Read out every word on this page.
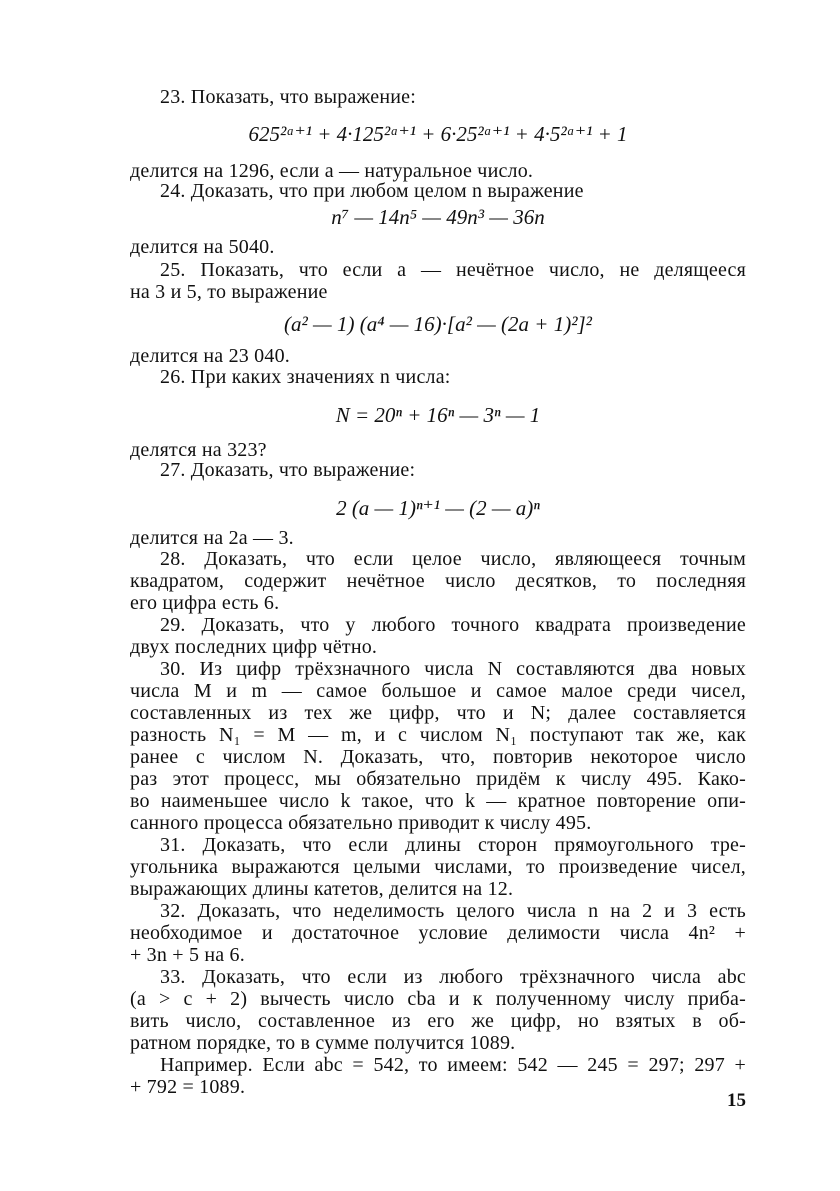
23. Показать, что выражение:
625²ᵃ⁺¹ + 4·125²ᵃ⁺¹ + 6·25²ᵃ⁺¹ + 4·5²ᵃ⁺¹ + 1
делится на 1296, если a — натуральное число.
24. Доказать, что при любом целом n выражение
n⁷ — 14n⁵ — 49n³ — 36n
делится на 5040.
25. Показать, что если a — нечётное число, не делящееся
на 3 и 5, то выражение
(a² — 1) (a⁴ — 16)·[a² — (2a + 1)²]²
делится на 23 040.
26. При каких значениях n числа:
N = 20ⁿ + 16ⁿ — 3ⁿ — 1
делятся на 323?
27. Доказать, что выражение:
2 (a — 1)ⁿ⁺¹ — (2 — a)ⁿ
делится на 2a — 3.
28. Доказать, что если целое число, являющееся точным
квадратом, содержит нечётное число десятков, то последняя
его цифра есть 6.
29. Доказать, что у любого точного квадрата произведение
двух последних цифр чётно.
30. Из цифр трёхзначного числа N составляются два новых
числа M и m — самое большое и самое малое среди чисел,
составленных из тех же цифр, что и N; далее составляется
разность N₁ = M — m, и с числом N₁ поступают так же, как
ранее с числом N. Доказать, что, повторив некоторое число
раз этот процесс, мы обязательно придём к числу 495. Како-
во наименьшее число k такое, что k — кратное повторение опи-
санного процесса обязательно приводит к числу 495.
31. Доказать, что если длины сторон прямоугольного тре-
угольника выражаются целыми числами, то произведение чисел,
выражающих длины катетов, делится на 12.
32. Доказать, что неделимость целого числа n на 2 и 3 есть
необходимое и достаточное условие делимости числа 4n² +
+ 3n + 5 на 6.
33. Доказать, что если из любого трёхзначного числа abc
(a > c + 2) вычесть число cba и к полученному числу приба-
вить число, составленное из его же цифр, но взятых в об-
ратном порядке, то в сумме получится 1089.
Например. Если abc = 542, то имеем: 542 — 245 = 297; 297 +
+ 792 = 1089.
15
